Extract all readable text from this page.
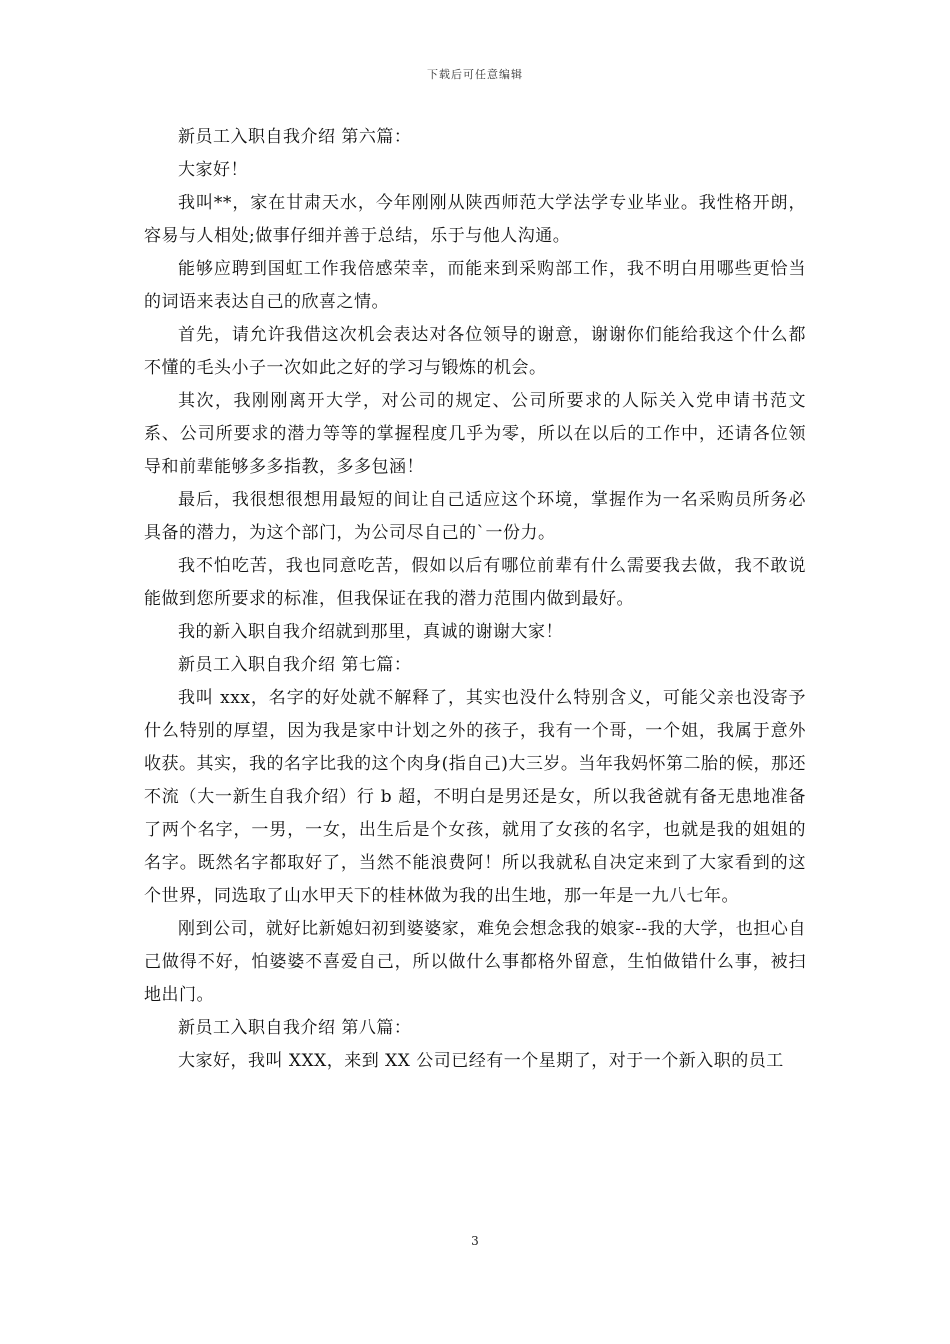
下载后可任意编辑

新员工入职自我介绍 第六篇：

大家好！

我叫**，家在甘肃天水，今年刚刚从陕西师范大学法学专业毕业。我性格开朗，容易与人相处;做事仔细并善于总结，乐于与他人沟通。

能够应聘到国虹工作我倍感荣幸，而能来到采购部工作，我不明白用哪些更恰当的词语来表达自己的欣喜之情。

首先，请允许我借这次机会表达对各位领导的谢意，谢谢你们能给我这个什么都不懂的毛头小子一次如此之好的学习与锻炼的机会。

其次，我刚刚离开大学，对公司的规定、公司所要求的人际关入党申请书范文系、公司所要求的潜力等等的掌握程度几乎为零，所以在以后的工作中，还请各位领导和前辈能够多多指教，多多包涵！

最后，我很想很想用最短的间让自己适应这个环境，掌握作为一名采购员所务必具备的潜力，为这个部门，为公司尽自己的`一份力。

我不怕吃苦，我也同意吃苦，假如以后有哪位前辈有什么需要我去做，我不敢说能做到您所要求的标准，但我保证在我的潜力范围内做到最好。

我的新入职自我介绍就到那里，真诚的谢谢大家！

新员工入职自我介绍 第七篇：

我叫 xxx，名字的好处就不解释了，其实也没什么特别含义，可能父亲也没寄予什么特别的厚望，因为我是家中计划之外的孩子，我有一个哥，一个姐，我属于意外收获。其实，我的名字比我的这个肉身(指自己)大三岁。当年我妈怀第二胎的候，那还不流（大一新生自我介绍）行 b 超，不明白是男还是女，所以我爸就有备无患地准备了两个名字，一男，一女，出生后是个女孩，就用了女孩的名字，也就是我的姐姐的名字。既然名字都取好了，当然不能浪费阿！所以我就私自决定来到了大家看到的这个世界，同选取了山水甲天下的桂林做为我的出生地，那一年是一九八七年。

刚到公司，就好比新媳妇初到婆婆家，难免会想念我的娘家--我的大学，也担心自己做得不好，怕婆婆不喜爱自己，所以做什么事都格外留意，生怕做错什么事，被扫地出门。

新员工入职自我介绍 第八篇：

大家好，我叫 XXX，来到 XX 公司已经有一个星期了，对于一个新入职的员工

3
